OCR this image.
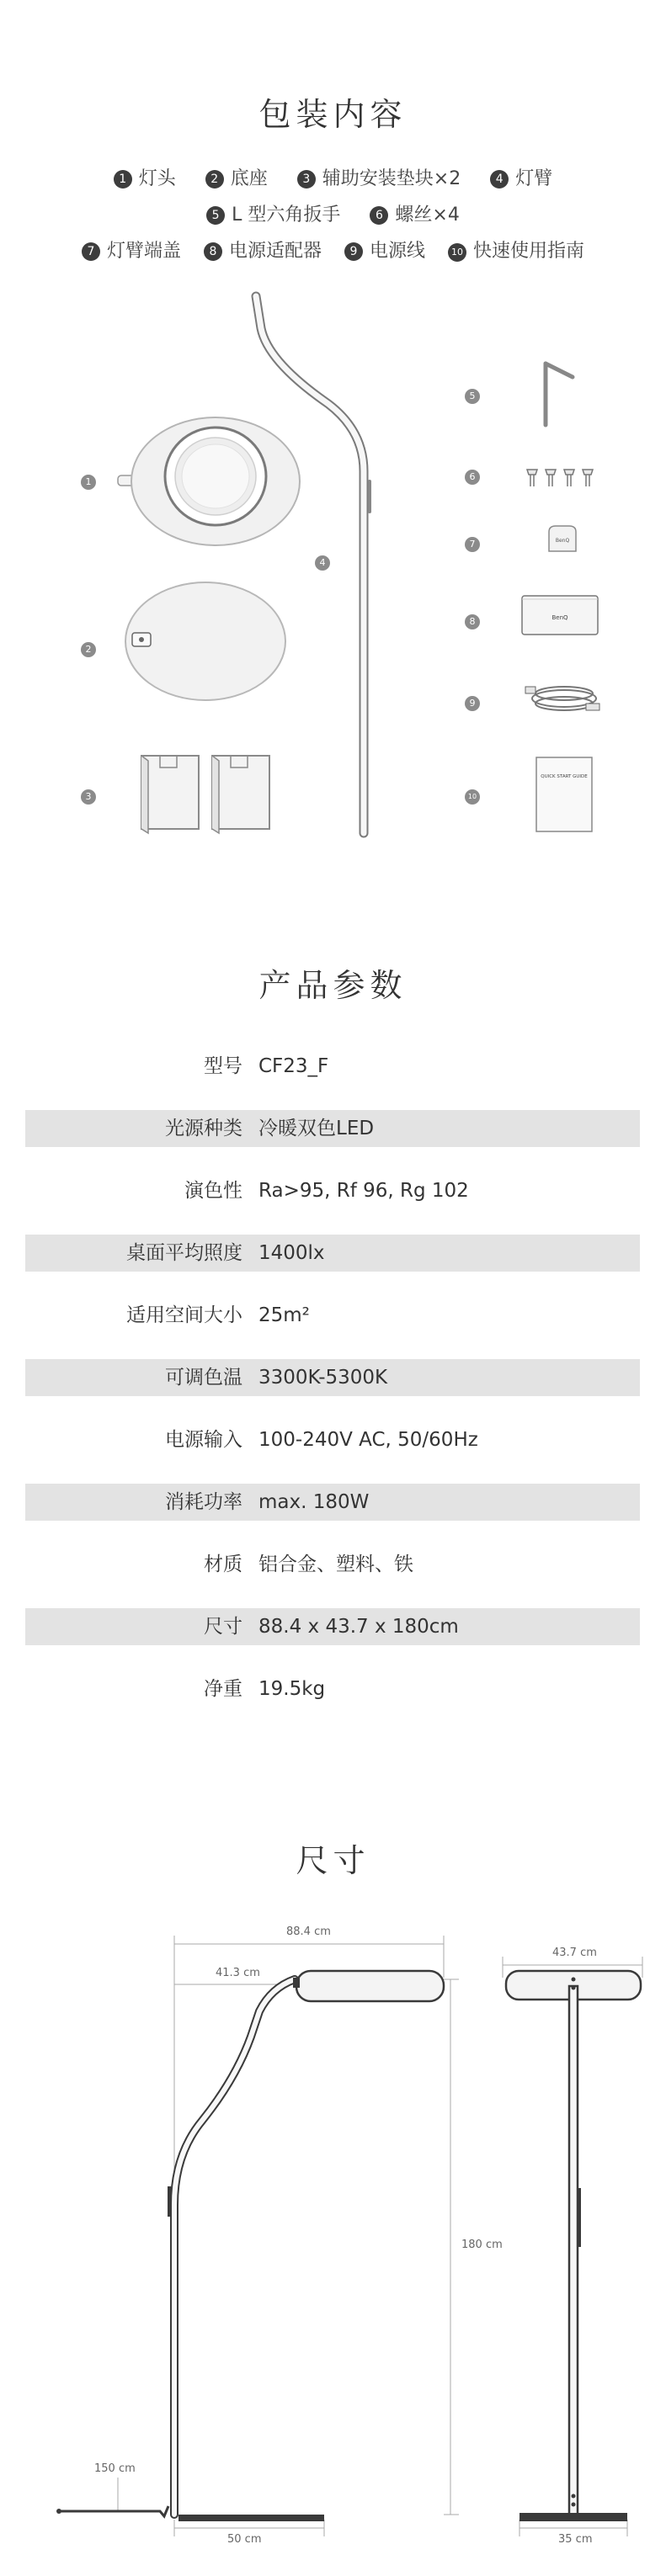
包装内容
1 灯头	2 底座	3 辅助安装垫块×2	4 灯臂
5 L 型六角扳手	6 螺丝×4
7 灯臂端盖 8 电源适配器 9 电源线	10 快速使用指南
BenQ
BenQ
QUICK START GUIDE
1
2
3
4
5
6
7
8
9
10
产品参数
型号 CF23_F
光源种类 冷暖双色LED
演色性 Ra>95, Rf 96, Rg 102
桌面平均照度 1400lx
适用空间大小 25m²
可调色温 3300K-5300K
电源输入 100-240V AC, 50/60Hz
消耗功率 max. 180W
材质 铝合金、塑料、铁
尺寸 88.4 x 43.7 x 180cm
净重 19.5kg
尺寸
88.4 cm
41.3 cm
180 cm
150 cm
50 cm
43.7 cm
35 cm
